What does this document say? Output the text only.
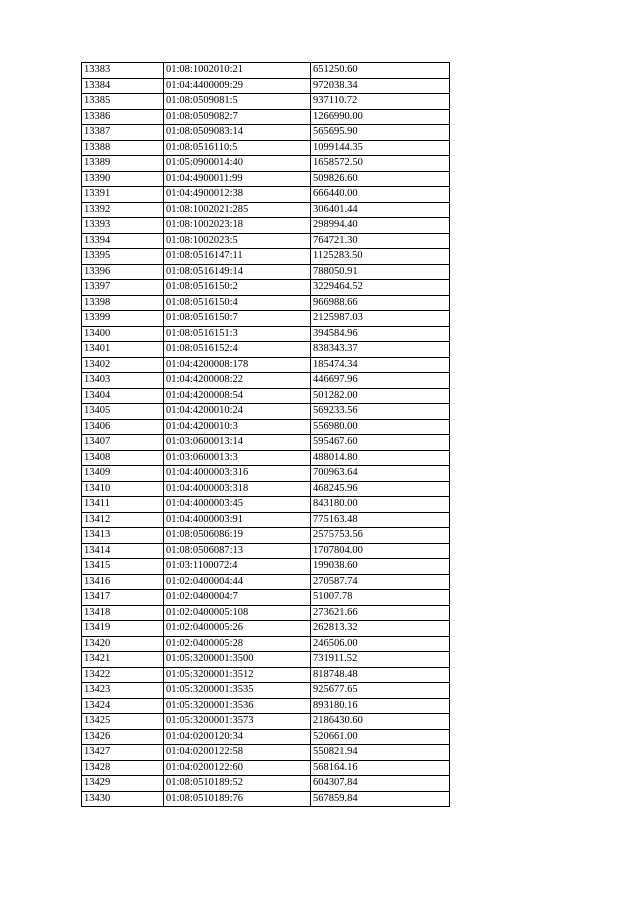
13383	01:08:1002010:21	651250.60
13384	01:04:4400009:29	972038.34
13385	01:08:0509081:5	937110.72
13386	01:08:0509082:7	1266990.00
13387	01:08:0509083:14	565695.90
13388	01:08:0516110:5	1099144.35
13389	01:05:0900014:40	1658572.50
13390	01:04:4900011:99	509826.60
13391	01:04:4900012:38	666440.00
13392	01:08:1002021:285	306401.44
13393	01:08:1002023:18	298994.40
13394	01:08:1002023:5	764721.30
13395	01:08:0516147:11	1125283.50
13396	01:08:0516149:14	788050.91
13397	01:08:0516150:2	3229464.52
13398	01:08:0516150:4	966988.66
13399	01:08:0516150:7	2125987.03
13400	01:08:0516151:3	394584.96
13401	01:08:0516152:4	838343.37
13402	01:04:4200008:178	185474.34
13403	01:04:4200008:22	446697.96
13404	01:04:4200008:54	501282.00
13405	01:04:4200010:24	569233.56
13406	01:04:4200010:3	556980.00
13407	01:03:0600013:14	595467.60
13408	01:03:0600013:3	488014.80
13409	01:04:4000003:316	700963.64
13410	01:04:4000003:318	468245.96
13411	01:04:4000003:45	843180.00
13412	01:04:4000003:91	775163.48
13413	01:08:0506086:19	2575753.56
13414	01:08:0506087:13	1707804.00
13415	01:03:1100072:4	199038.60
13416	01:02:0400004:44	270587.74
13417	01:02:0400004:7	51007.78
13418	01:02:0400005:108	273621.66
13419	01:02:0400005:26	262813.32
13420	01:02:0400005:28	246506.00
13421	01:05:3200001:3500	731911.52
13422	01:05:3200001:3512	818748.48
13423	01:05:3200001:3535	925677.65
13424	01:05:3200001:3536	893180.16
13425	01:05:3200001:3573	2186430.60
13426	01:04:0200120:34	520661.00
13427	01:04:0200122:58	550821.94
13428	01:04:0200122:60	568164.16
13429	01:08:0510189:52	604307.84
13430	01:08:0510189:76	567859.84
